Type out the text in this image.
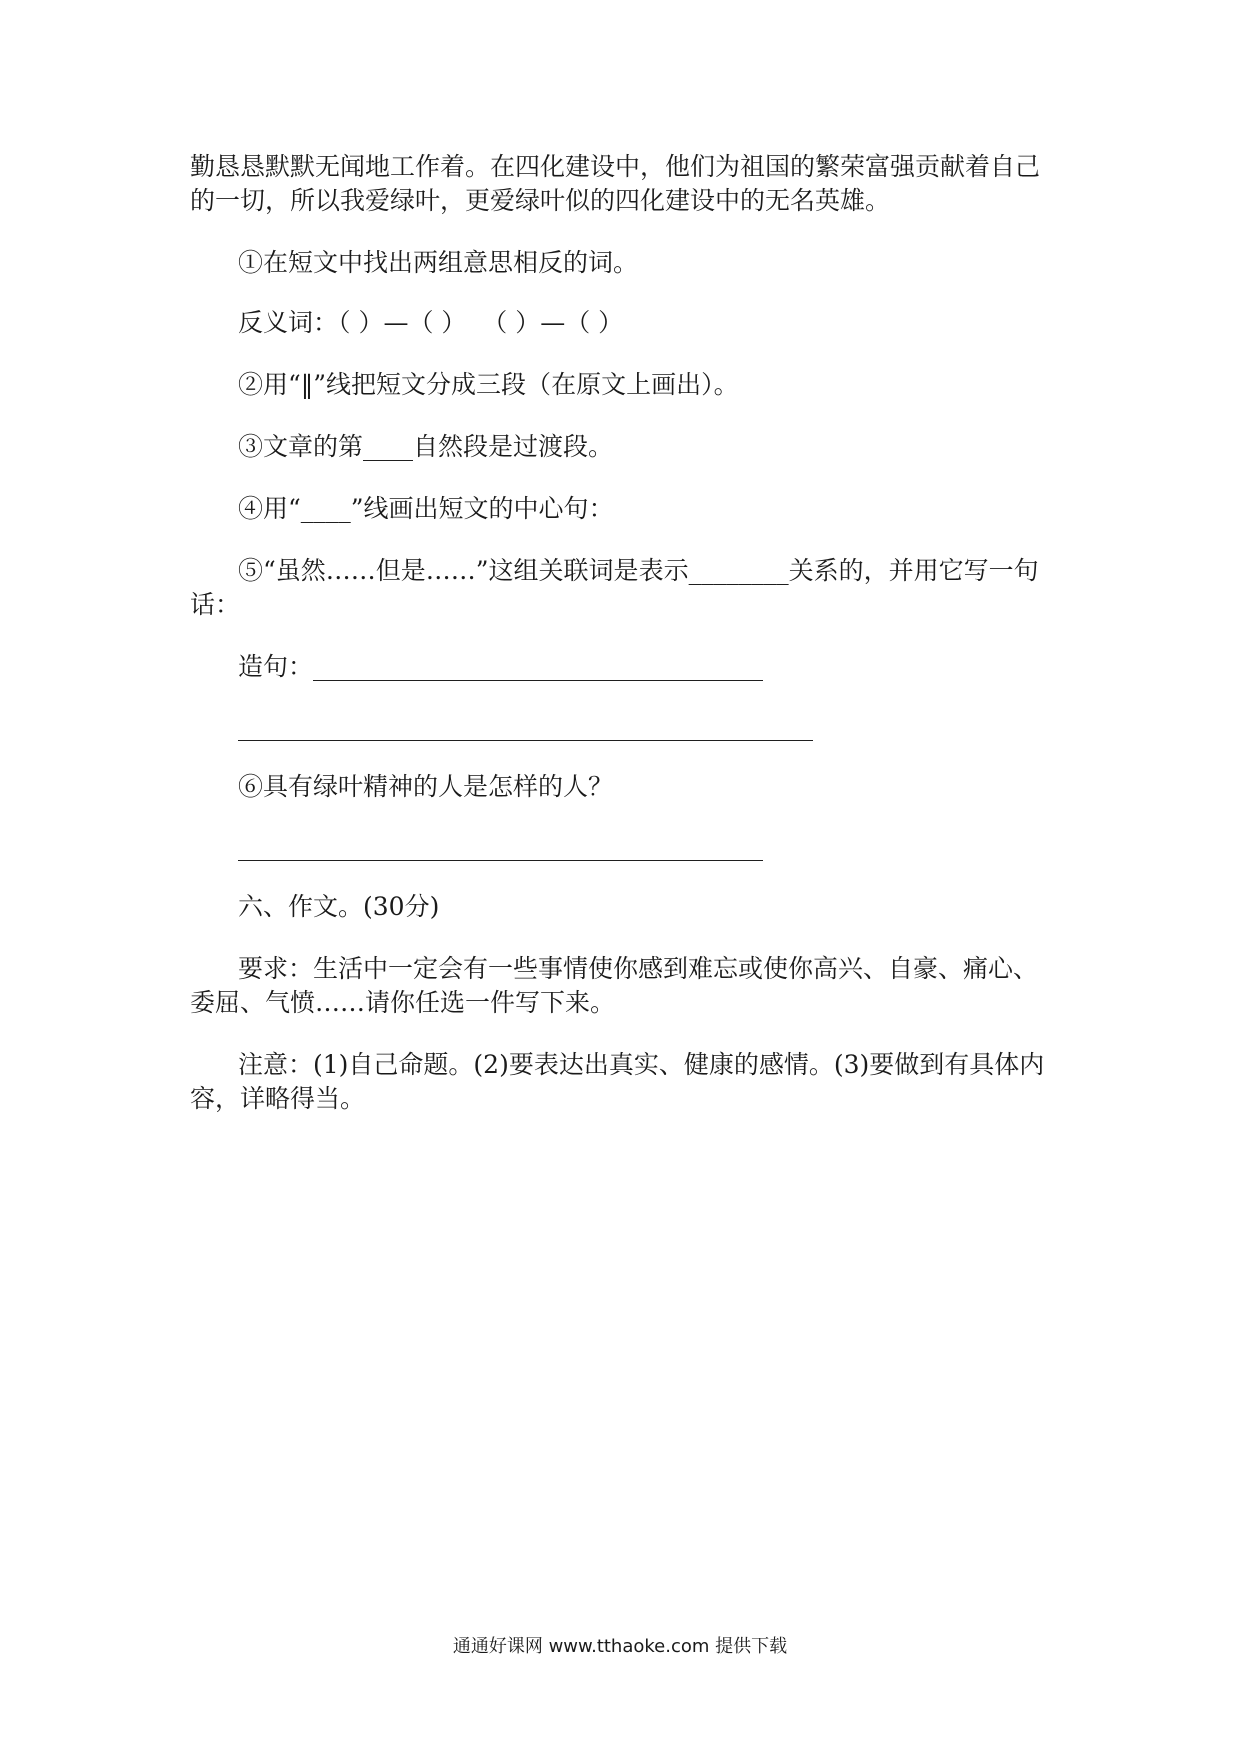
勤恳恳默默无闻地工作着。在四化建设中，他们为祖国的繁荣富强贡献着自己的一切，所以我爱绿叶，更爱绿叶似的四化建设中的无名英雄。
①在短文中找出两组意思相反的词。
反义词：（ ）—（ ）  （ ）—（ ）
②用“‖”线把短文分成三段（在原文上画出）。
③文章的第____自然段是过渡段。
④用“____”线画出短文的中心句：
⑤“虽然……但是……”这组关联词是表示________关系的，并用它写一句话：
造句：____________________________________
______________________________________________
⑥具有绿叶精神的人是怎样的人？
__________________________________________
六、作文。(30分)
要求：生活中一定会有一些事情使你感到难忘或使你高兴、自豪、痛心、委屈、气愤……请你任选一件写下来。
注意：(1)自己命题。(2)要表达出真实、健康的感情。(3)要做到有具体内容，详略得当。
通通好课网 www.tthaoke.com 提供下载
